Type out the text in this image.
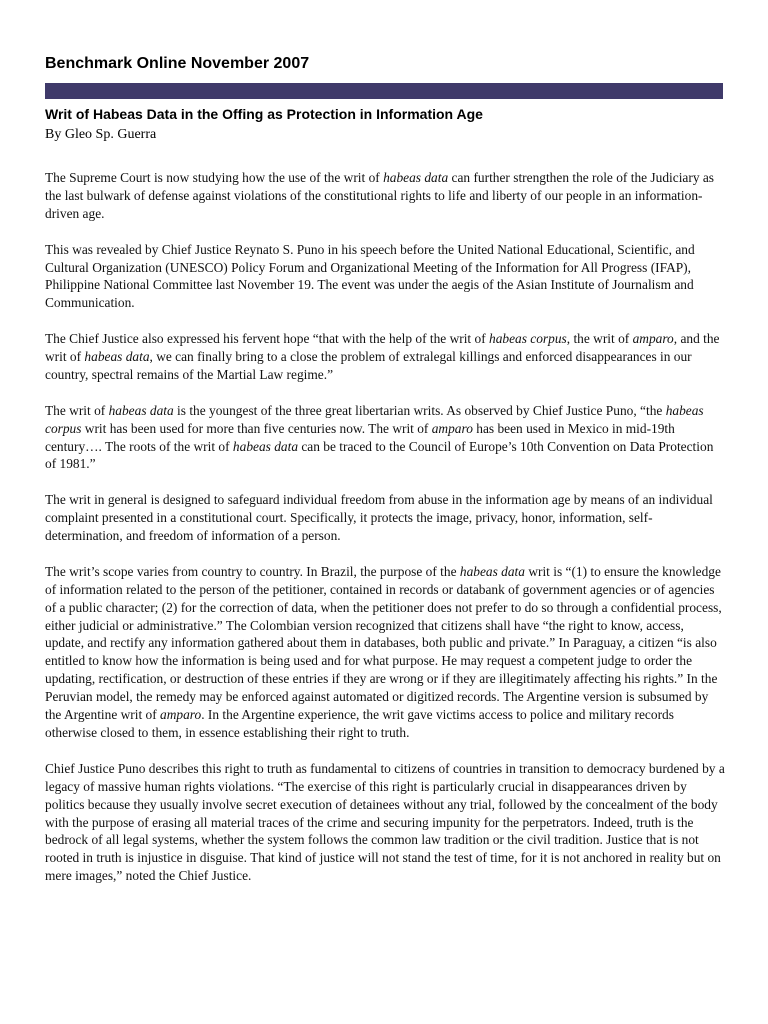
Benchmark Online November 2007
Writ of Habeas Data in the Offing as Protection in Information Age
By Gleo Sp. Guerra

The Supreme Court is now studying how the use of the writ of habeas data can further strengthen the role of the Judiciary as the last bulwark of defense against violations of the constitutional rights to life and liberty of our people in an information-driven age.

This was revealed by Chief Justice Reynato S. Puno in his speech before the United National Educational, Scientific, and Cultural Organization (UNESCO) Policy Forum and Organizational Meeting of the Information for All Progress (IFAP), Philippine National Committee last November 19. The event was under the aegis of the Asian Institute of Journalism and Communication.

The Chief Justice also expressed his fervent hope “that with the help of the writ of habeas corpus, the writ of amparo, and the writ of habeas data, we can finally bring to a close the problem of extralegal killings and enforced disappearances in our country, spectral remains of the Martial Law regime.”

The writ of habeas data is the youngest of the three great libertarian writs. As observed by Chief Justice Puno, “the habeas corpus writ has been used for more than five centuries now. The writ of amparo has been used in Mexico in mid-19th century…. The roots of the writ of habeas data can be traced to the Council of Europe’s 10th Convention on Data Protection of 1981.”

The writ in general is designed to safeguard individual freedom from abuse in the information age by means of an individual complaint presented in a constitutional court. Specifically, it protects the image, privacy, honor, information, self-determination, and freedom of information of a person.

The writ’s scope varies from country to country. In Brazil, the purpose of the habeas data writ is “(1) to ensure the knowledge of information related to the person of the petitioner, contained in records or databank of government agencies or of agencies of a public character; (2) for the correction of data, when the petitioner does not prefer to do so through a confidential process, either judicial or administrative.” The Colombian version recognized that citizens shall have “the right to know, access, update, and rectify any information gathered about them in databases, both public and private.” In Paraguay, a citizen “is also entitled to know how the information is being used and for what purpose. He may request a competent judge to order the updating, rectification, or destruction of these entries if they are wrong or if they are illegitimately affecting his rights.” In the Peruvian model, the remedy may be enforced against automated or digitized records. The Argentine version is subsumed by the Argentine writ of amparo. In the Argentine experience, the writ gave victims access to police and military records otherwise closed to them, in essence establishing their right to truth.

Chief Justice Puno describes this right to truth as fundamental to citizens of countries in transition to democracy burdened by a legacy of massive human rights violations. “The exercise of this right is particularly crucial in disappearances driven by politics because they usually involve secret execution of detainees without any trial, followed by the concealment of the body with the purpose of erasing all material traces of the crime and securing impunity for the perpetrators. Indeed, truth is the bedrock of all legal systems, whether the system follows the common law tradition or the civil tradition. Justice that is not rooted in truth is injustice in disguise. That kind of justice will not stand the test of time, for it is not anchored in reality but on mere images,” noted the Chief Justice.
